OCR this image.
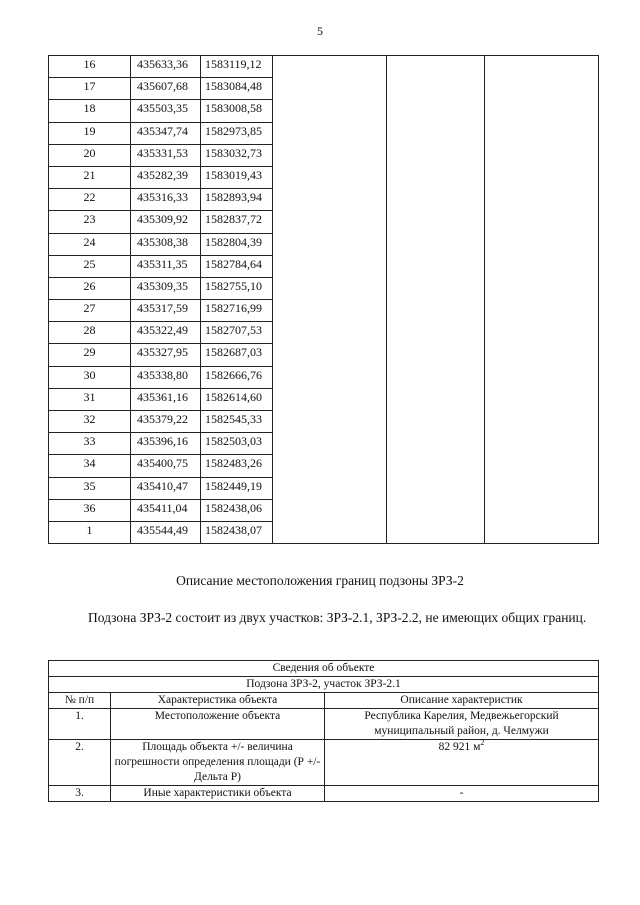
5
16	435633,36	1583119,12			
17	435607,68	1583084,48			
18	435503,35	1583008,58			
19	435347,74	1582973,85			
20	435331,53	1583032,73			
21	435282,39	1583019,43			
22	435316,33	1582893,94			
23	435309,92	1582837,72			
24	435308,38	1582804,39			
25	435311,35	1582784,64			
26	435309,35	1582755,10			
27	435317,59	1582716,99			
28	435322,49	1582707,53			
29	435327,95	1582687,03			
30	435338,80	1582666,76			
31	435361,16	1582614,60			
32	435379,22	1582545,33			
33	435396,16	1582503,03			
34	435400,75	1582483,26			
35	435410,47	1582449,19			
36	435411,04	1582438,06			
1	435544,49	1582438,07			
Описание местоположения границ подзоны ЗРЗ-2
Подзона ЗРЗ-2 состоит из двух участков: ЗРЗ-2.1, ЗРЗ-2.2, не имеющих общих границ.
Сведения об объекте		
Подзона ЗРЗ-2, участок ЗРЗ-2.1		
№ п/п	Характеристика объекта	Описание характеристик
1.	Местоположение объекта	Республика Карелия, Медвежьегорский муниципальный район, д. Челмужи
2.	Площадь объекта +/- величина погрешности определения площади (Р +/- Дельта Р)	82 921 $м^2$
3.	Иные характеристики объекта	-
